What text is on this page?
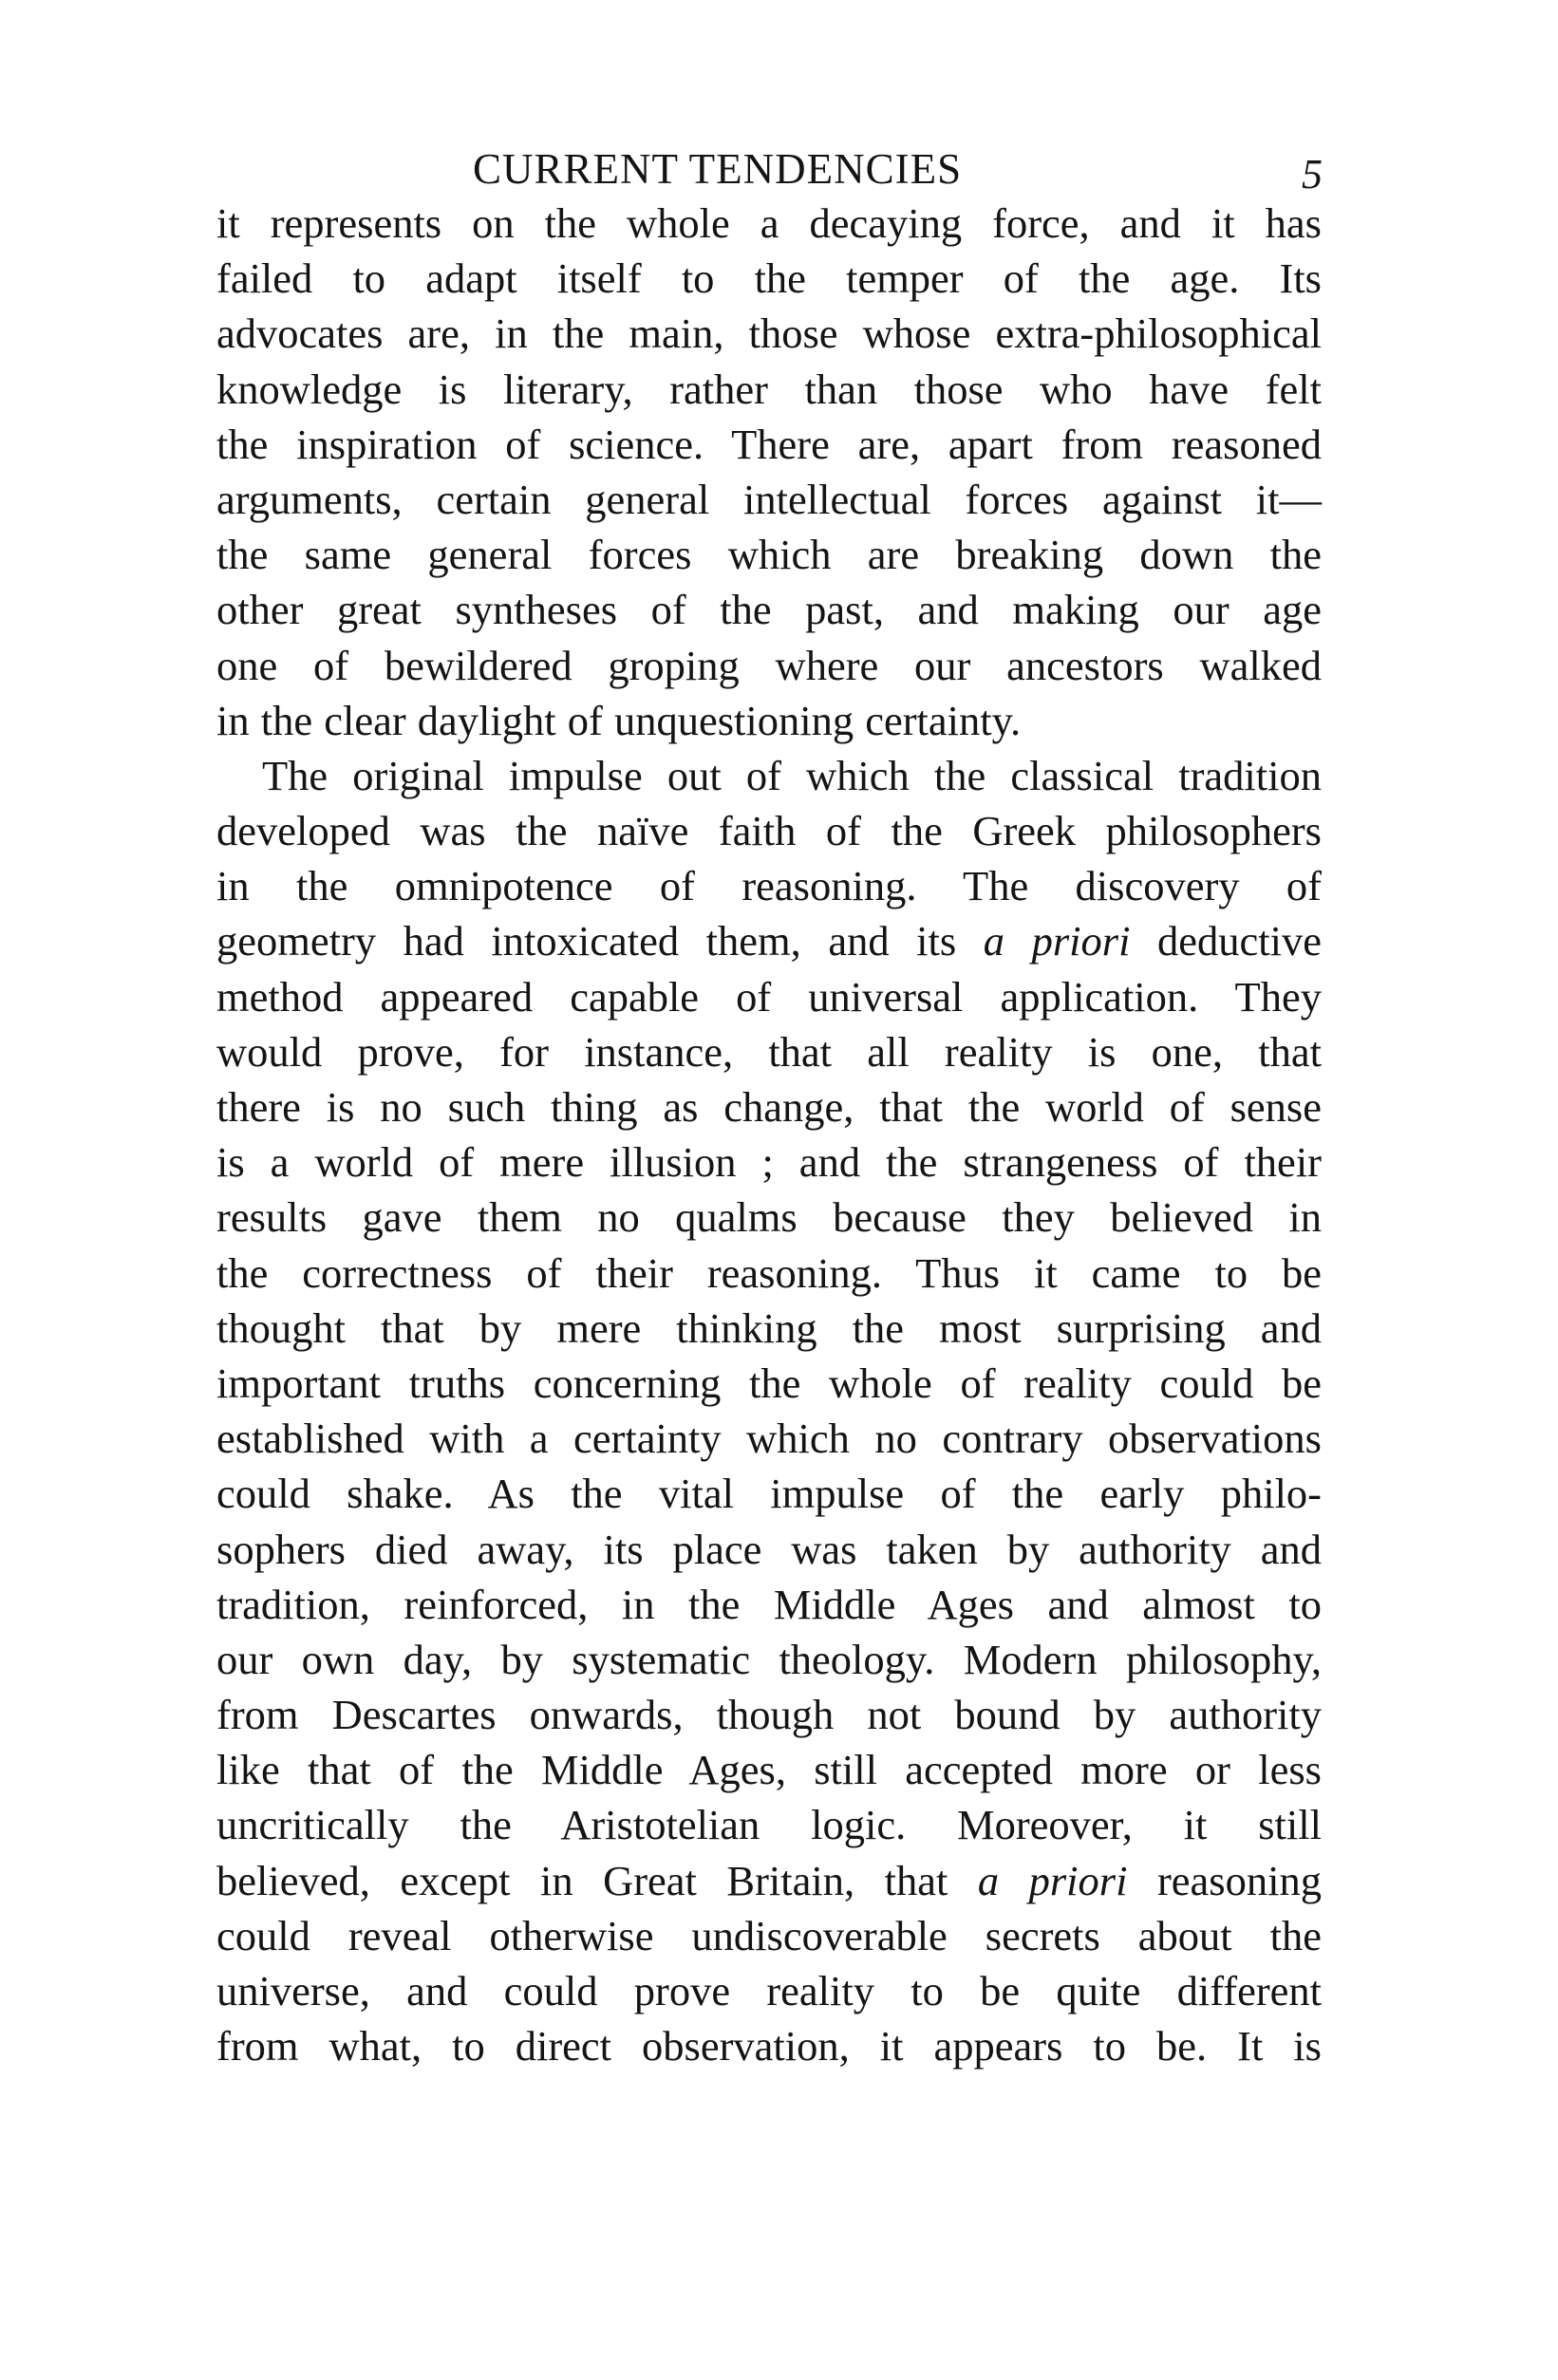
CURRENT TENDENCIES	5
it represents on the whole a decaying force, and it has
failed to adapt itself to the temper of the age. Its
advocates are, in the main, those whose extra-philosophical
knowledge is literary, rather than those who have felt
the inspiration of science. There are, apart from reasoned
arguments, certain general intellectual forces against it—
the same general forces which are breaking down the
other great syntheses of the past, and making our age
one of bewildered groping where our ancestors walked
in the clear daylight of unquestioning certainty.
The original impulse out of which the classical tradition
developed was the naïve faith of the Greek philosophers
in the omnipotence of reasoning. The discovery of
geometry had intoxicated them, and its a priori deductive
method appeared capable of universal application. They
would prove, for instance, that all reality is one, that
there is no such thing as change, that the world of sense
is a world of mere illusion ; and the strangeness of their
results gave them no qualms because they believed in
the correctness of their reasoning. Thus it came to be
thought that by mere thinking the most surprising and
important truths concerning the whole of reality could be
established with a certainty which no contrary observations
could shake. As the vital impulse of the early philo-
sophers died away, its place was taken by authority and
tradition, reinforced, in the Middle Ages and almost to
our own day, by systematic theology. Modern philosophy,
from Descartes onwards, though not bound by authority
like that of the Middle Ages, still accepted more or less
uncritically the Aristotelian logic. Moreover, it still
believed, except in Great Britain, that a priori reasoning
could reveal otherwise undiscoverable secrets about the
universe, and could prove reality to be quite different
from what, to direct observation, it appears to be. It is
